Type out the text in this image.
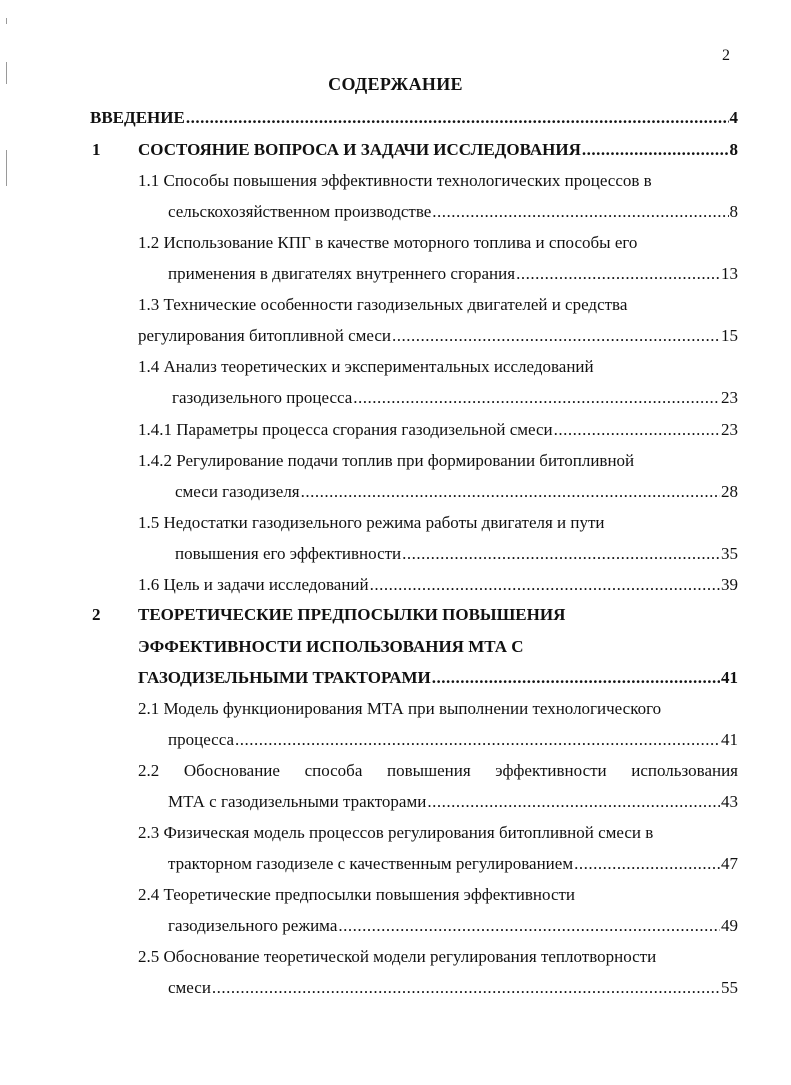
2
СОДЕРЖАНИЕ
ВВЕДЕНИЕ .....	4
1 СОСТОЯНИЕ ВОПРОСА И ЗАДАЧИ ИССЛЕДОВАНИЯ .....	8
1.1 Способы повышения эффективности технологических процессов в
сельскохозяйственном производстве .....	8
1.2 Использование КПГ в качестве моторного топлива и способы его
применения в двигателях внутреннего сгорания .....	13
1.3 Технические особенности газодизельных двигателей и средства
регулирования битопливной смеси .....	15
1.4 Анализ теоретических и экспериментальных исследований
газодизельного процесса .....	23
1.4.1 Параметры процесса сгорания газодизельной смеси .....	23
1.4.2 Регулирование подачи топлив при формировании битопливной
смеси газодизеля .....	28
1.5 Недостатки газодизельного режима работы двигателя и пути
повышения его эффективности .....	35
1.6 Цель и задачи исследований .....	39
2 ТЕОРЕТИЧЕСКИЕ ПРЕДПОСЫЛКИ ПОВЫШЕНИЯ
ЭФФЕКТИВНОСТИ ИСПОЛЬЗОВАНИЯ МТА С
ГАЗОДИЗЕЛЬНЫМИ ТРАКТОРАМИ .....	41
2.1 Модель функционирования МТА при выполнении технологического
процесса .....	41
2.2 Обоснование способа повышения эффективности использования
МТА с газодизельными тракторами .....	43
2.3 Физическая модель процессов регулирования битопливной смеси в
тракторном газодизеле с качественным регулированием .....	47
2.4 Теоретические предпосылки повышения эффективности
газодизельного режима .....	49
2.5 Обоснование теоретической модели регулирования теплотворности
смеси .....	55
